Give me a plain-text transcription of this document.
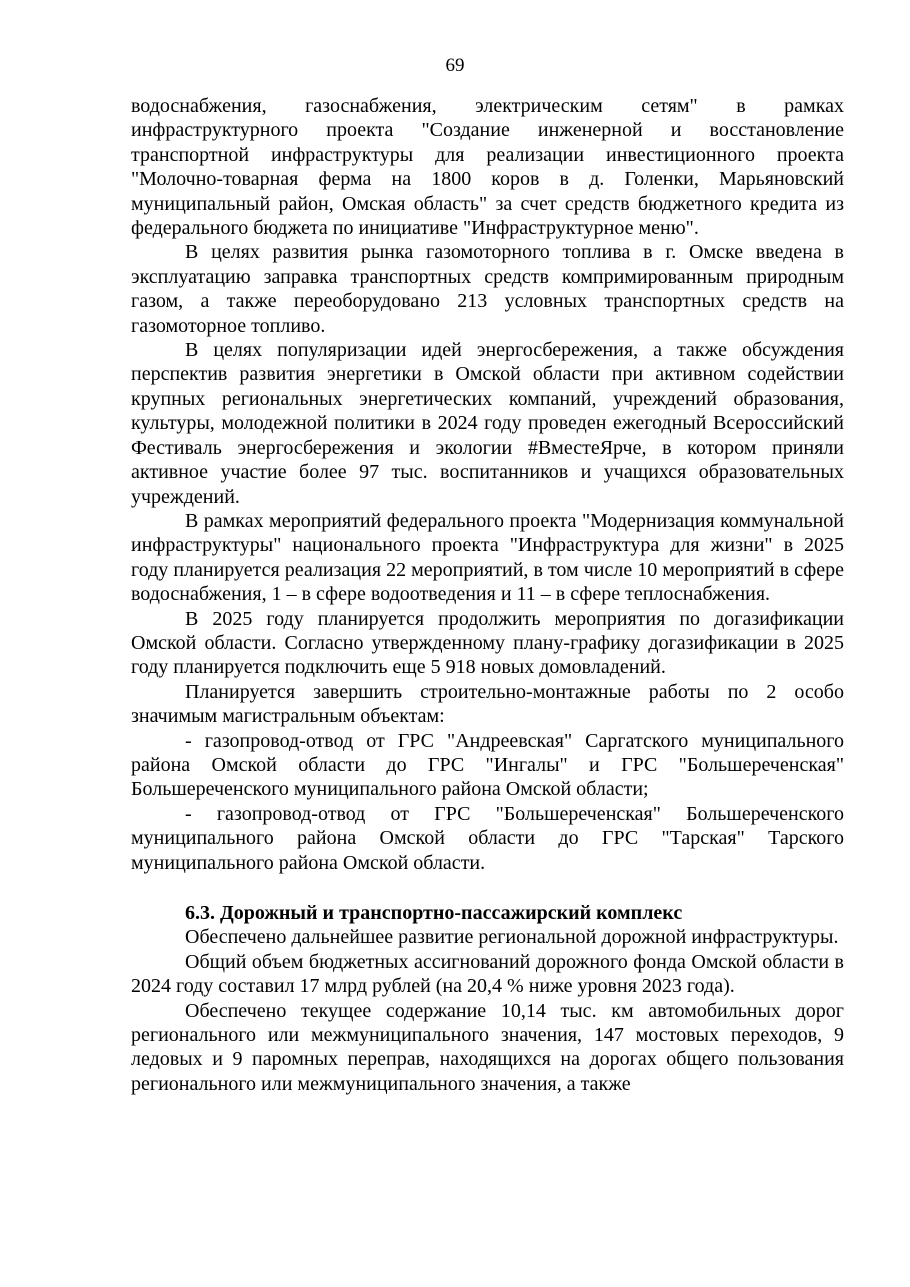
69

водоснабжения, газоснабжения, электрическим сетям" в рамках инфраструктурного проекта "Создание инженерной и восстановление транспортной инфраструктуры для реализации инвестиционного проекта "Молочно-товарная ферма на 1800 коров в д. Голенки, Марьяновский муниципальный район, Омская область" за счет средств бюджетного кредита из федерального бюджета по инициативе "Инфраструктурное меню".

В целях развития рынка газомоторного топлива в г. Омске введена в эксплуатацию заправка транспортных средств компримированным природным газом, а также переоборудовано 213 условных транспортных средств на газомоторное топливо.

В целях популяризации идей энергосбережения, а также обсуждения перспектив развития энергетики в Омской области при активном содействии крупных региональных энергетических компаний, учреждений образования, культуры, молодежной политики в 2024 году проведен ежегодный Всероссийский Фестиваль энергосбережения и экологии #ВместеЯрче, в котором приняли активное участие более 97 тыс. воспитанников и учащихся образовательных учреждений.

В рамках мероприятий федерального проекта "Модернизация коммунальной инфраструктуры" национального проекта "Инфраструктура для жизни" в 2025 году планируется реализация 22 мероприятий, в том числе 10 мероприятий в сфере водоснабжения, 1 – в сфере водоотведения и 11 – в сфере теплоснабжения.

В 2025 году планируется продолжить мероприятия по догазификации Омской области. Согласно утвержденному плану-графику догазификации в 2025 году планируется подключить еще 5 918 новых домовладений.

Планируется завершить строительно-монтажные работы по 2 особо значимым магистральным объектам:

- газопровод-отвод от ГРС "Андреевская" Саргатского муниципального района Омской области до ГРС "Ингалы" и ГРС "Большереченская" Большереченского муниципального района Омской области;

- газопровод-отвод от ГРС "Большереченская" Большереченского муниципального района Омской области до ГРС "Тарская" Тарского муниципального района Омской области.

6.3. Дорожный и транспортно-пассажирский комплекс

Обеспечено дальнейшее развитие региональной дорожной инфраструктуры.

Общий объем бюджетных ассигнований дорожного фонда Омской области в 2024 году составил 17 млрд рублей (на 20,4 % ниже уровня 2023 года).

Обеспечено текущее содержание 10,14 тыс. км автомобильных дорог регионального или межмуниципального значения, 147 мостовых переходов, 9 ледовых и 9 паромных переправ, находящихся на дорогах общего пользования регионального или межмуниципального значения, а также
